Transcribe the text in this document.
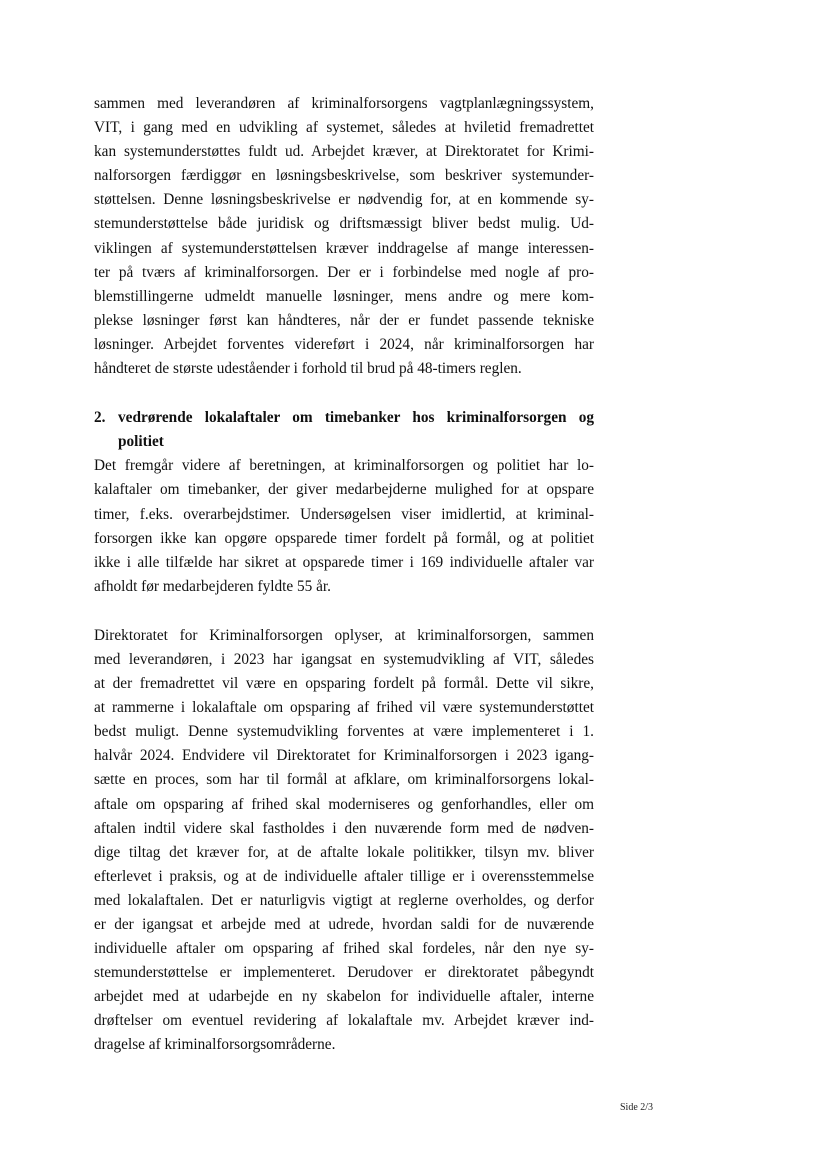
sammen med leverandøren af kriminalforsorgens vagtplanlægningssystem,
VIT, i gang med en udvikling af systemet, således at hviletid fremadrettet
kan systemunderstøttes fuldt ud. Arbejdet kræver, at Direktoratet for Krimi-
nalforsorgen færdiggør en løsningsbeskrivelse, som beskriver systemunder-
støttelsen. Denne løsningsbeskrivelse er nødvendig for, at en kommende sy-
stemunderstøttelse både juridisk og driftsmæssigt bliver bedst mulig. Ud-
viklingen af systemunderstøttelsen kræver inddragelse af mange interessen-
ter på tværs af kriminalforsorgen. Der er i forbindelse med nogle af pro-
blemstillingerne udmeldt manuelle løsninger, mens andre og mere kom-
plekse løsninger først kan håndteres, når der er fundet passende tekniske
løsninger. Arbejdet forventes videreført i 2024, når kriminalforsorgen har
håndteret de største udeståender i forhold til brud på 48-timers reglen.
2. vedrørende lokalaftaler om timebanker hos kriminalforsorgen og
politiet
Det fremgår videre af beretningen, at kriminalforsorgen og politiet har lo-
kalaftaler om timebanker, der giver medarbejderne mulighed for at opspare
timer, f.eks. overarbejdstimer. Undersøgelsen viser imidlertid, at kriminal-
forsorgen ikke kan opgøre opsparede timer fordelt på formål, og at politiet
ikke i alle tilfælde har sikret at opsparede timer i 169 individuelle aftaler var
afholdt før medarbejderen fyldte 55 år.
Direktoratet for Kriminalforsorgen oplyser, at kriminalforsorgen, sammen
med leverandøren, i 2023 har igangsat en systemudvikling af VIT, således
at der fremadrettet vil være en opsparing fordelt på formål. Dette vil sikre,
at rammerne i lokalaftale om opsparing af frihed vil være systemunderstøttet
bedst muligt. Denne systemudvikling forventes at være implementeret i 1.
halvår 2024. Endvidere vil Direktoratet for Kriminalforsorgen i 2023 igang-
sætte en proces, som har til formål at afklare, om kriminalforsorgens lokal-
aftale om opsparing af frihed skal moderniseres og genforhandles, eller om
aftalen indtil videre skal fastholdes i den nuværende form med de nødven-
dige tiltag det kræver for, at de aftalte lokale politikker, tilsyn mv. bliver
efterlevet i praksis, og at de individuelle aftaler tillige er i overensstemmelse
med lokalaftalen. Det er naturligvis vigtigt at reglerne overholdes, og derfor
er der igangsat et arbejde med at udrede, hvordan saldi for de nuværende
individuelle aftaler om opsparing af frihed skal fordeles, når den nye sy-
stemunderstøttelse er implementeret. Derudover er direktoratet påbegyndt
arbejdet med at udarbejde en ny skabelon for individuelle aftaler, interne
drøftelser om eventuel revidering af lokalaftale mv. Arbejdet kræver ind-
dragelse af kriminalforsorgsområderne.
Side 2/3
